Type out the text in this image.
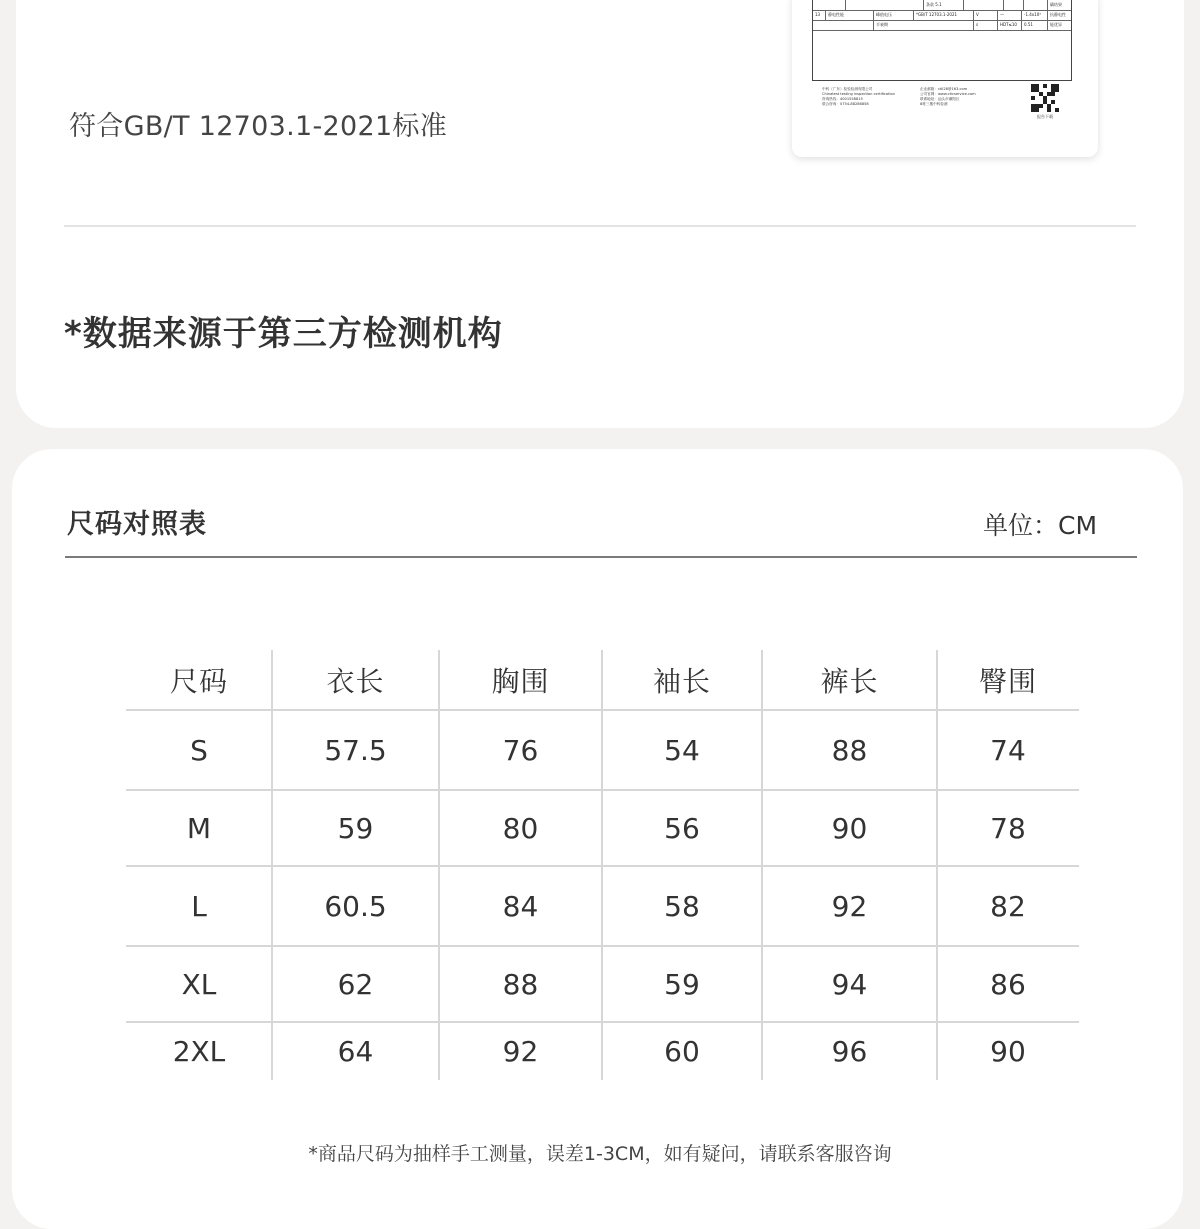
条款 5.1	确结果
13	静电性能	峰值电压	*GB/T 12703.1-2021	V	—	-1.4x10³	抗静电性
半衰期	s	HDT≤10	0.51	能优异
中科（广东）检验检测有限公司
Chinatest testing inspection certification
咨询热线：4001558815
联合咨询：0754-88286858
企业邮箱：ctil28@163.com
公司官网：www.cticservice.com
联系地址：汕头市潮阳区
8栋三楼中科检测
报告下载
符合GB/T 12703.1-2021标准
*数据来源于第三方检测机构
尺码对照表	单位：CM
尺码	衣长	胸围	袖长	裤长	臀围
S	57.5	76	54	88	74
M	59	80	56	90	78
L	60.5	84	58	92	82
XL	62	88	59	94	86
2XL	64	92	60	96	90
*商品尺码为抽样手工测量，误差1-3CM，如有疑问，请联系客服咨询
